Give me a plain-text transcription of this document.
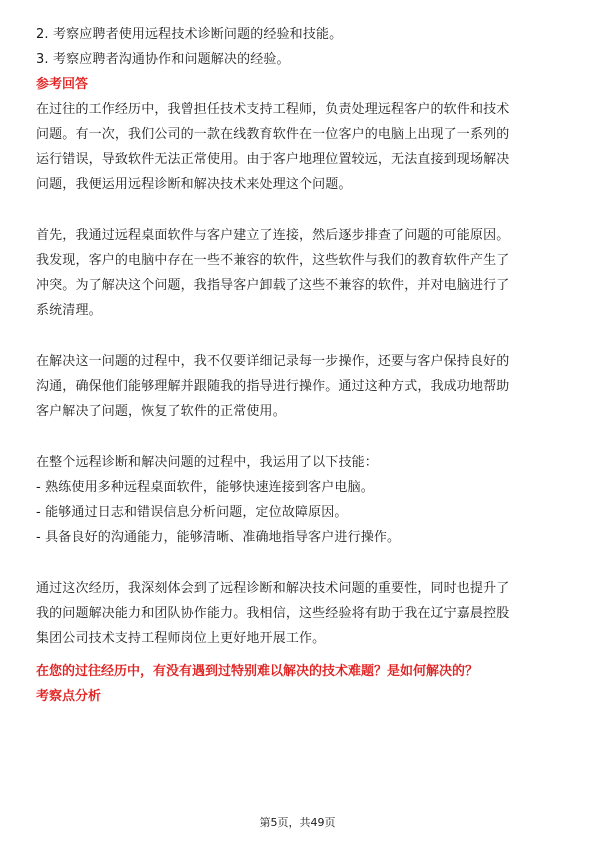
2. 考察应聘者使用远程技术诊断问题的经验和技能。
3. 考察应聘者沟通协作和问题解决的经验。
参考回答
在过往的工作经历中，我曾担任技术支持工程师，负责处理远程客户的软件和技术
问题。有一次，我们公司的一款在线教育软件在一位客户的电脑上出现了一系列的
运行错误，导致软件无法正常使用。由于客户地理位置较远，无法直接到现场解决
问题，我便运用远程诊断和解决技术来处理这个问题。
首先，我通过远程桌面软件与客户建立了连接，然后逐步排查了问题的可能原因。
我发现，客户的电脑中存在一些不兼容的软件，这些软件与我们的教育软件产生了
冲突。为了解决这个问题，我指导客户卸载了这些不兼容的软件，并对电脑进行了
系统清理。
在解决这一问题的过程中，我不仅要详细记录每一步操作，还要与客户保持良好的
沟通，确保他们能够理解并跟随我的指导进行操作。通过这种方式，我成功地帮助
客户解决了问题，恢复了软件的正常使用。
在整个远程诊断和解决问题的过程中，我运用了以下技能：
- 熟练使用多种远程桌面软件，能够快速连接到客户电脑。
- 能够通过日志和错误信息分析问题，定位故障原因。
- 具备良好的沟通能力，能够清晰、准确地指导客户进行操作。
通过这次经历，我深刻体会到了远程诊断和解决技术问题的重要性，同时也提升了
我的问题解决能力和团队协作能力。我相信，这些经验将有助于我在辽宁嘉晨控股
集团公司技术支持工程师岗位上更好地开展工作。
在您的过往经历中，有没有遇到过特别难以解决的技术难题？是如何解决的？
考察点分析
第5页，共49页
